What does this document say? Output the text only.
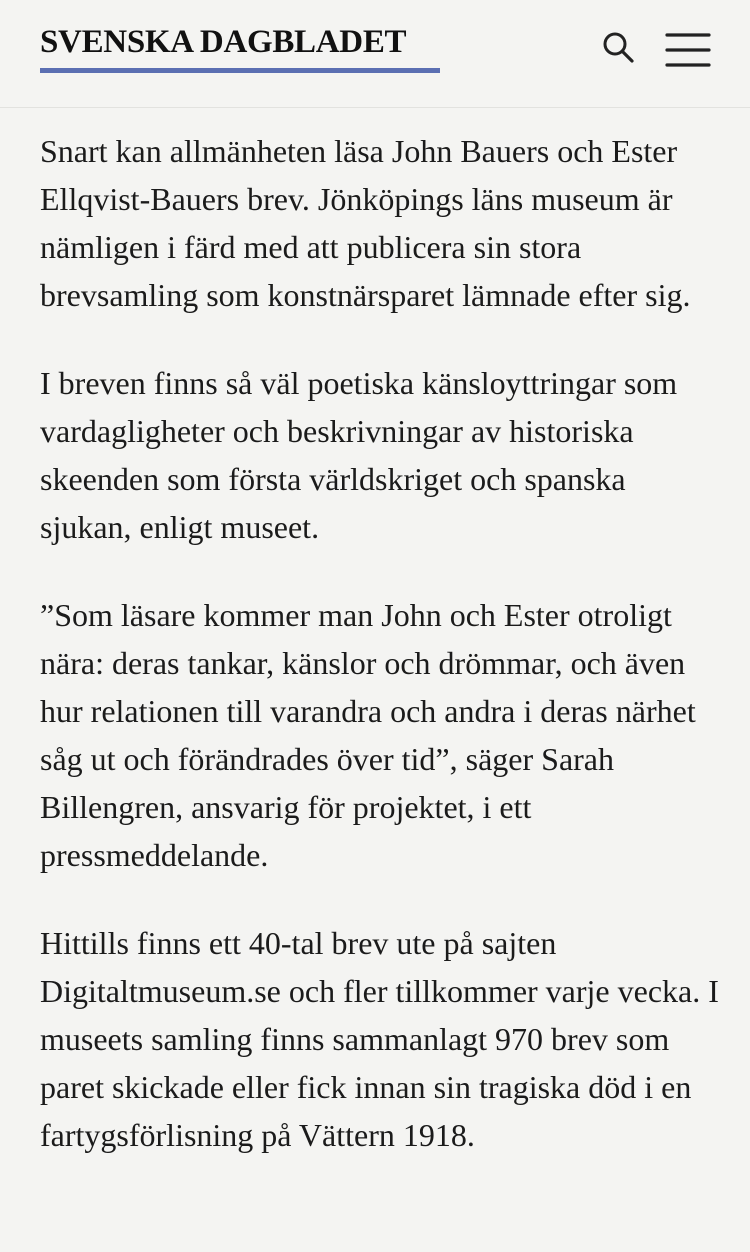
SVENSKA DAGBLADET

Snart kan allmänheten läsa John Bauers och Ester Ellqvist-Bauers brev. Jönköpings läns museum är nämligen i färd med att publicera sin stora brevsamling som konstnärsparet lämnade efter sig.

I breven finns så väl poetiska känsloyttringar som vardagligheter och beskrivningar av historiska skeenden som första världskriget och spanska sjukan, enligt museet.

”Som läsare kommer man John och Ester otroligt nära: deras tankar, känslor och drömmar, och även hur relationen till varandra och andra i deras närhet såg ut och förändrades över tid”, säger Sarah Billengren, ansvarig för projektet, i ett pressmeddelande.

Hittills finns ett 40-tal brev ute på sajten Digitaltmuseum.se och fler tillkommer varje vecka. I museets samling finns sammanlagt 970 brev som paret skickade eller fick innan sin tragiska död i en fartygsförlisning på Vättern 1918.
